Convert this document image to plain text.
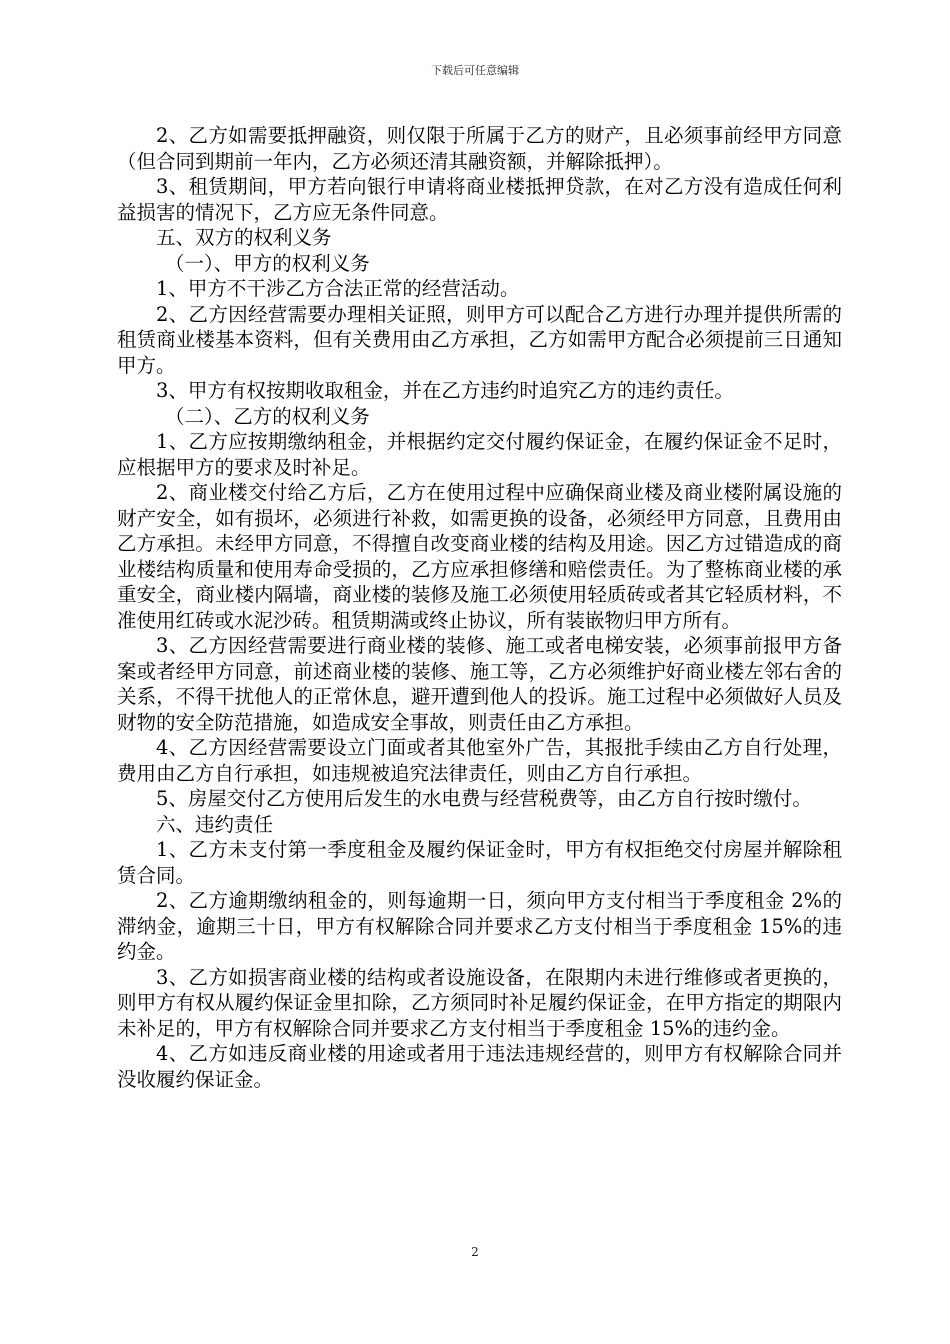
下载后可任意编辑

2、乙方如需要抵押融资，则仅限于所属于乙方的财产，且必须事前经甲方同意（但合同到期前一年内，乙方必须还清其融资额，并解除抵押）。

3、租赁期间，甲方若向银行申请将商业楼抵押贷款，在对乙方没有造成任何利益损害的情况下，乙方应无条件同意。

五、双方的权利义务

（一）、甲方的权利义务

1、甲方不干涉乙方合法正常的经营活动。

2、乙方因经营需要办理相关证照，则甲方可以配合乙方进行办理并提供所需的租赁商业楼基本资料，但有关费用由乙方承担，乙方如需甲方配合必须提前三日通知甲方。

3、甲方有权按期收取租金，并在乙方违约时追究乙方的违约责任。

（二）、乙方的权利义务

1、乙方应按期缴纳租金，并根据约定交付履约保证金，在履约保证金不足时，应根据甲方的要求及时补足。

2、商业楼交付给乙方后，乙方在使用过程中应确保商业楼及商业楼附属设施的财产安全，如有损坏，必须进行补救，如需更换的设备，必须经甲方同意，且费用由乙方承担。未经甲方同意，不得擅自改变商业楼的结构及用途。因乙方过错造成的商业楼结构质量和使用寿命受损的，乙方应承担修缮和赔偿责任。为了整栋商业楼的承重安全，商业楼内隔墙，商业楼的装修及施工必须使用轻质砖或者其它轻质材料，不准使用红砖或水泥沙砖。租赁期满或终止协议，所有装嵌物归甲方所有。

3、乙方因经营需要进行商业楼的装修、施工或者电梯安装，必须事前报甲方备案或者经甲方同意，前述商业楼的装修、施工等，乙方必须维护好商业楼左邻右舍的关系，不得干扰他人的正常休息，避开遭到他人的投诉。施工过程中必须做好人员及财物的安全防范措施，如造成安全事故，则责任由乙方承担。

4、乙方因经营需要设立门面或者其他室外广告，其报批手续由乙方自行处理，费用由乙方自行承担，如违规被追究法律责任，则由乙方自行承担。

5、房屋交付乙方使用后发生的水电费与经营税费等，由乙方自行按时缴付。

六、违约责任

1、乙方未支付第一季度租金及履约保证金时，甲方有权拒绝交付房屋并解除租赁合同。

2、乙方逾期缴纳租金的，则每逾期一日，须向甲方支付相当于季度租金 2%的滞纳金，逾期三十日，甲方有权解除合同并要求乙方支付相当于季度租金 15%的违约金。

3、乙方如损害商业楼的结构或者设施设备，在限期内未进行维修或者更换的，则甲方有权从履约保证金里扣除，乙方须同时补足履约保证金，在甲方指定的期限内未补足的，甲方有权解除合同并要求乙方支付相当于季度租金 15%的违约金。

4、乙方如违反商业楼的用途或者用于违法违规经营的，则甲方有权解除合同并没收履约保证金。

2
